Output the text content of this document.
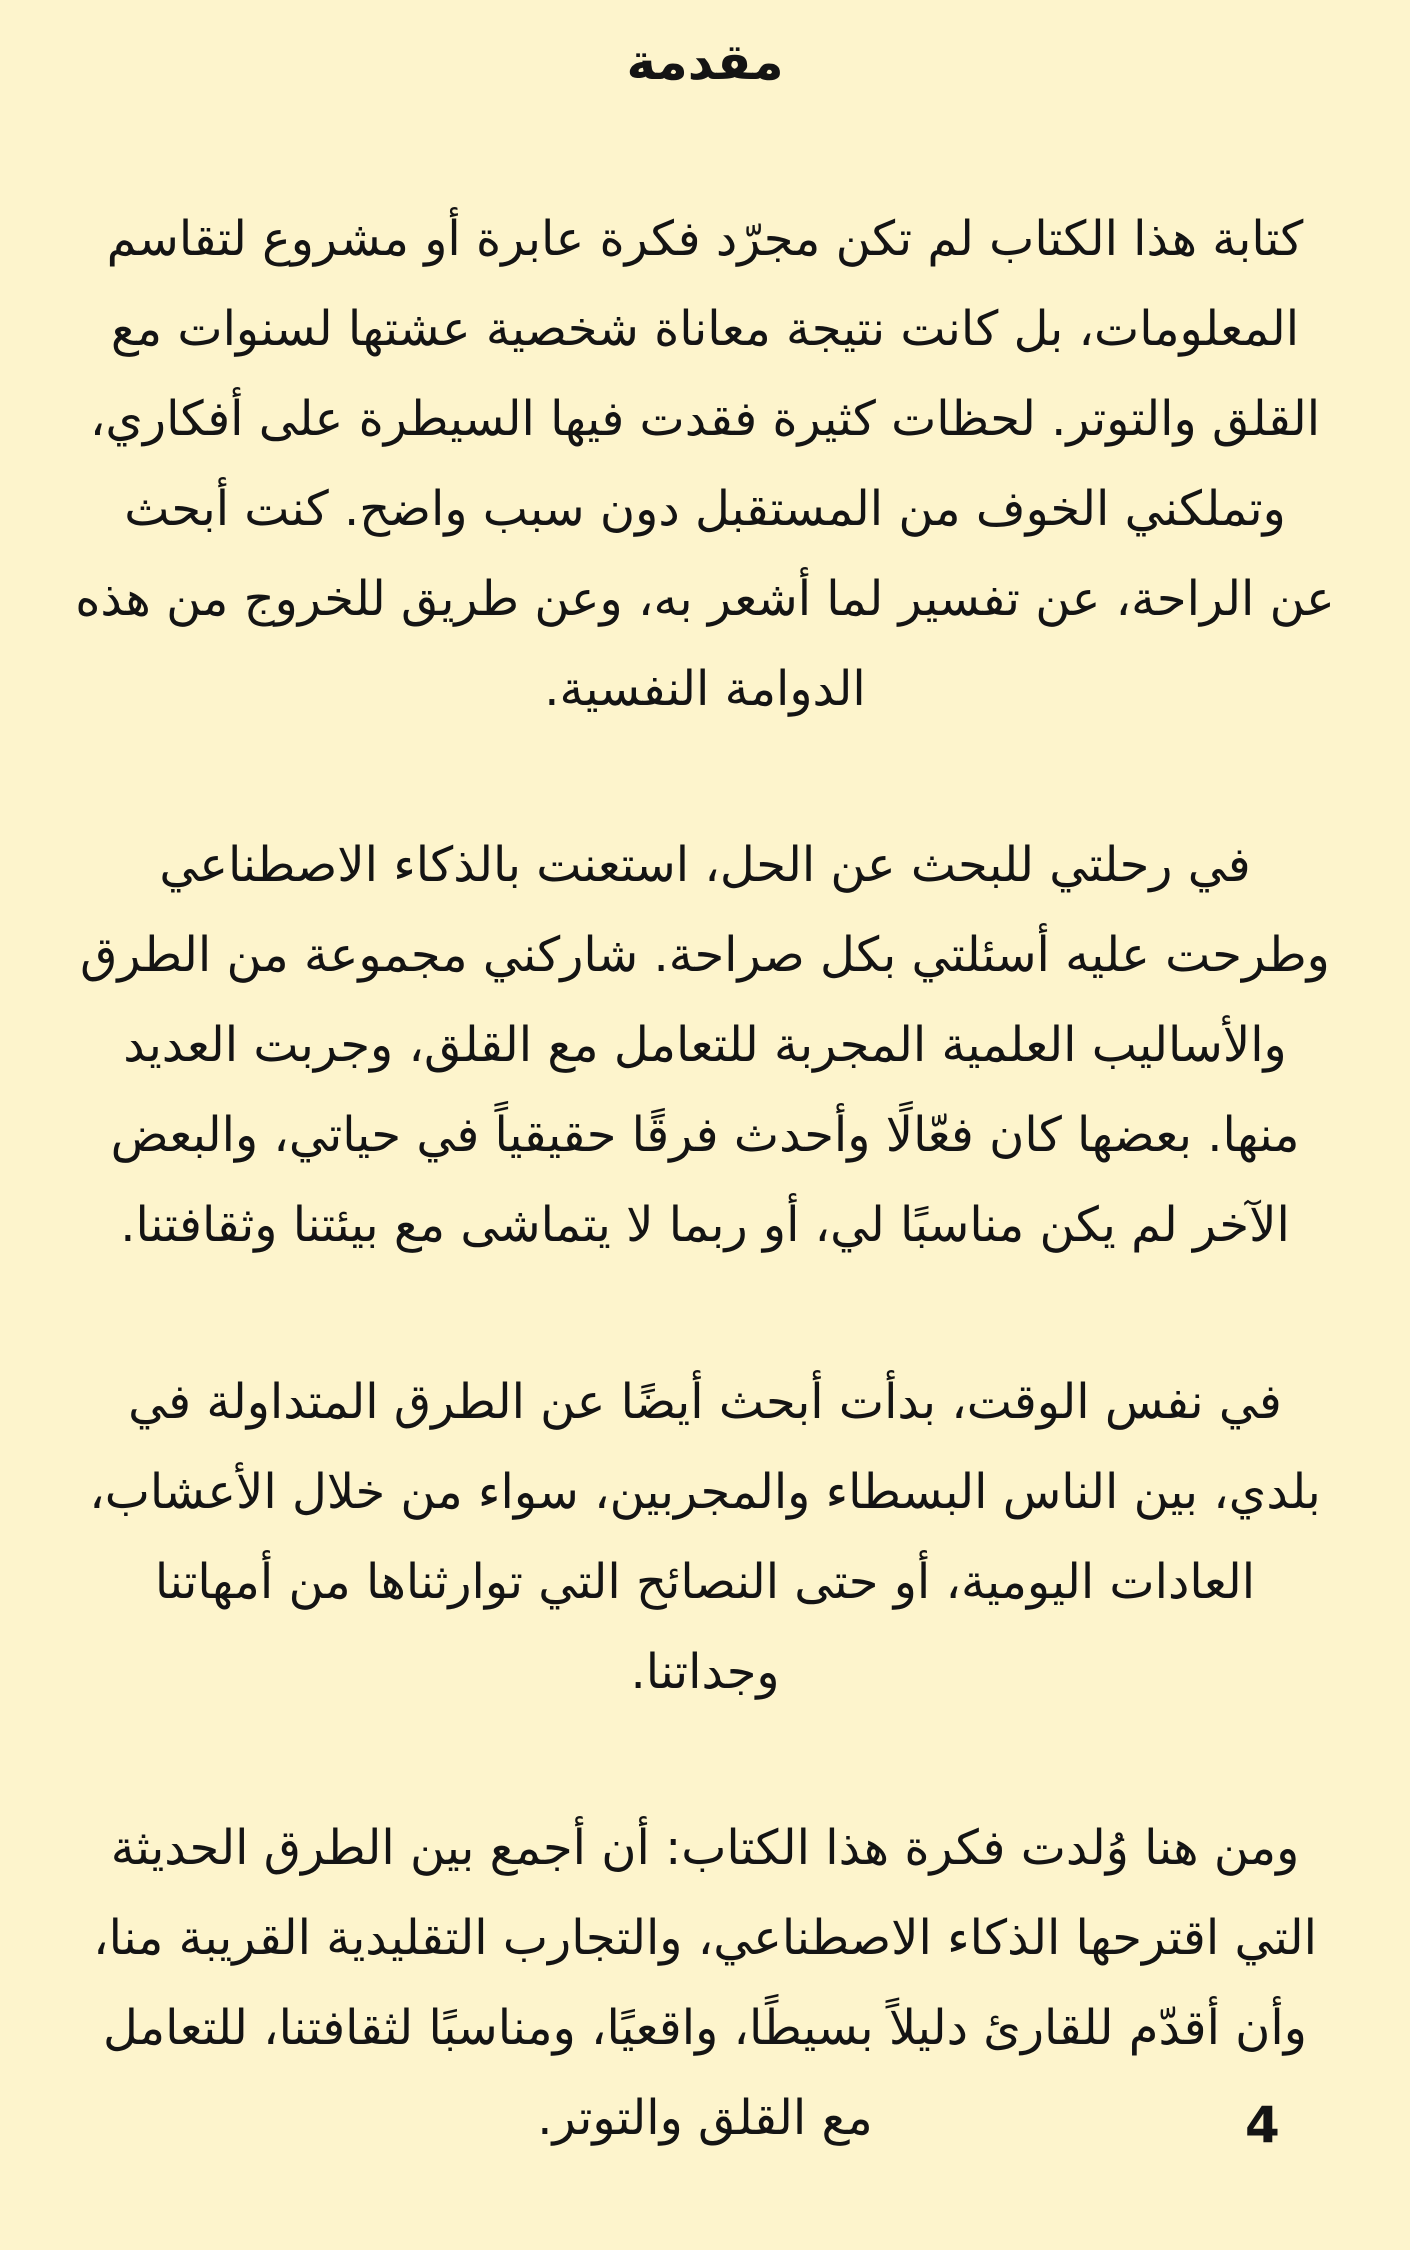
مقدمة
كتابة هذا الكتاب لم تكن مجرّد فكرة عابرة أو مشروع لتقاسم
المعلومات، بل كانت نتيجة معاناة شخصية عشتها لسنوات مع
القلق والتوتر. لحظات كثيرة فقدت فيها السيطرة على أفكاري،
وتملكني الخوف من المستقبل دون سبب واضح. كنت أبحث
عن الراحة، عن تفسير لما أشعر به، وعن طريق للخروج من هذه
الدوامة النفسية.
في رحلتي للبحث عن الحل، استعنت بالذكاء الاصطناعي
وطرحت عليه أسئلتي بكل صراحة. شاركني مجموعة من الطرق
والأساليب العلمية المجربة للتعامل مع القلق، وجربت العديد
منها. بعضها كان فعّالًا وأحدث فرقًا حقيقياً في حياتي، والبعض
الآخر لم يكن مناسبًا لي، أو ربما لا يتماشى مع بيئتنا وثقافتنا.
في نفس الوقت، بدأت أبحث أيضًا عن الطرق المتداولة في
بلدي، بين الناس البسطاء والمجربين، سواء من خلال الأعشاب،
العادات اليومية، أو حتى النصائح التي توارثناها من أمهاتنا
وجداتنا.
ومن هنا وُلدت فكرة هذا الكتاب: أن أجمع بين الطرق الحديثة
التي اقترحها الذكاء الاصطناعي، والتجارب التقليدية القريبة منا،
وأن أقدّم للقارئ دليلاً بسيطًا، واقعيًا، ومناسبًا لثقافتنا، للتعامل
مع القلق والتوتر.	4
